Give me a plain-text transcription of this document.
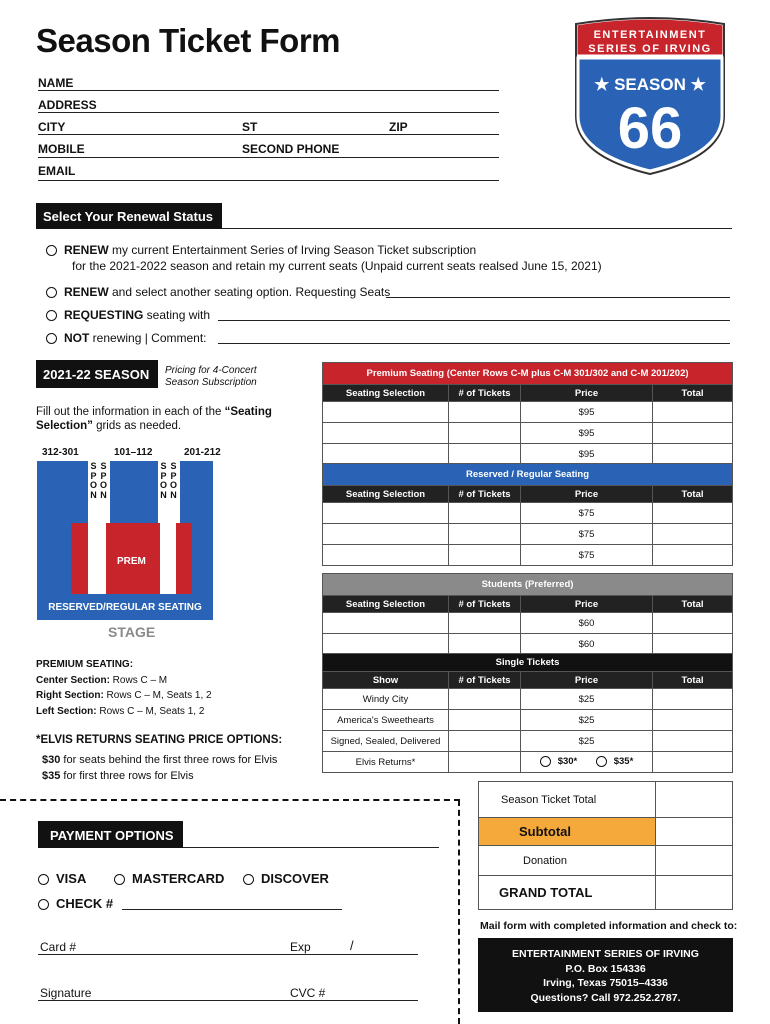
Season Ticket Form	ENTERTAINMENT
SERIES OF IRVING
★ SEASON ★
66
NAME
ADDRESS
CITY	ST	ZIP
MOBILE	SECOND PHONE
EMAIL
Select Your Renewal Status
RENEW my current Entertainment Series of Irving Season Ticket subscription
for the 2021-2022 season and retain my current seats (Unpaid current seats realsed June 15, 2021)
RENEW and select another seating option. Requesting Seats
REQUESTING seating with
NOT renewing | Comment:
2021-22 SEASON	Pricing for 4-Concert
Season Subscription
Fill out the information in each of the “Seating
Selection” grids as needed.
312-301	101–112	201-212
SPON
SPON
SPON
SPON
PREM
RESERVED/REGULAR SEATING
STAGE
PREMIUM SEATING:
Center Section: Rows C – M
Right Section: Rows C – M, Seats 1, 2
Left Section: Rows C – M, Seats 1, 2
*ELVIS RETURNS SEATING PRICE OPTIONS:
$30 for seats behind the first three rows for Elvis
$35 for first three rows for Elvis
Premium Seating (Center Rows C-M plus C-M 301/302 and C-M 201/202)			
Seating Selection	# of Tickets	Price	Total
		$95	
		$95	
		$95	
Reserved / Regular Seating			
Seating Selection	# of Tickets	Price	Total
		$75	
		$75	
		$75	
Students (Preferred)			
Seating Selection	# of Tickets	Price	Total
		$60	
		$60	
Single Tickets			
Show	# of Tickets	Price	Total
Windy City		$25	
America's Sweethearts		$25	
Signed, Sealed, Delivered		$25	
Elvis Returns*		$30* $35*	
Season Ticket Total	
Subtotal	
Donation	
GRAND TOTAL	
PAYMENT OPTIONS
VISA	MASTERCARD	DISCOVER
CHECK #
Card #	Exp	/
Signature	CVC #
Mail form with completed information and check to:
ENTERTAINMENT SERIES OF IRVING
P.O. Box 154336
Irving, Texas 75015–4336
Questions? Call 972.252.2787.
